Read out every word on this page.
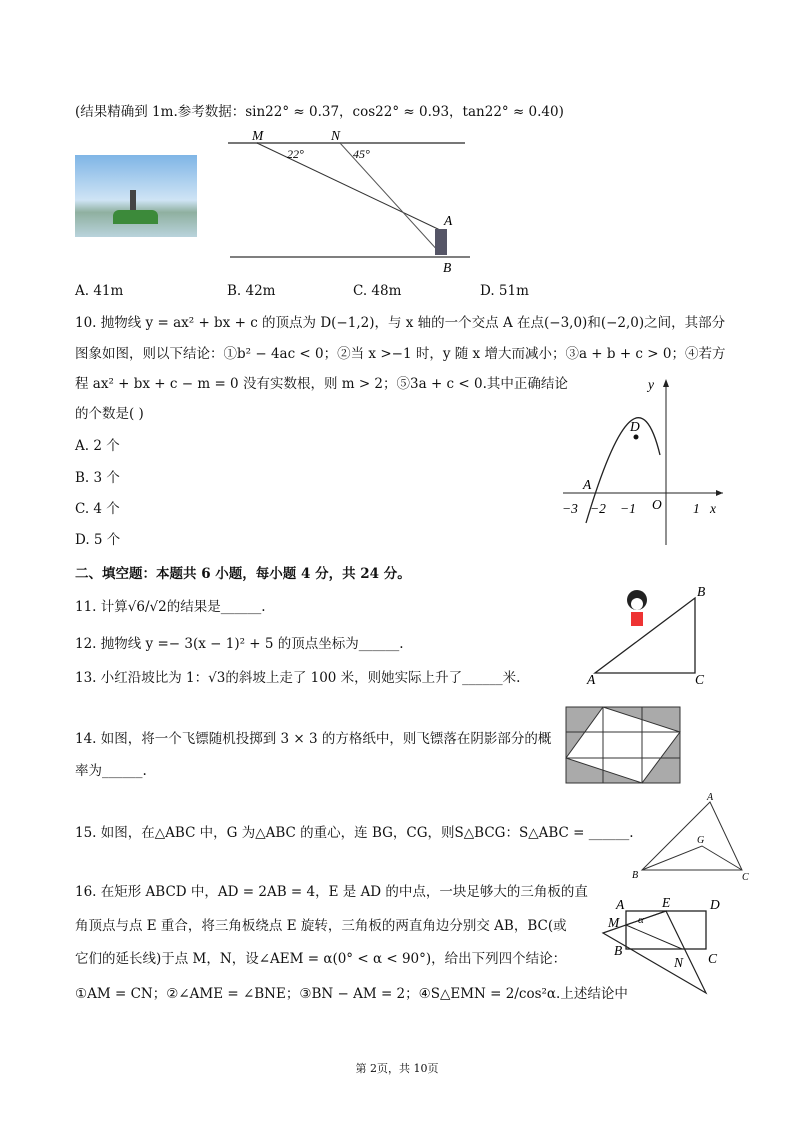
(结果精确到 1m.参考数据：sin22° ≈ 0.37，cos22° ≈ 0.93，tan22° ≈ 0.40)
M	N
22°	45°
A
B
A. 41m	B. 42m	C. 48m	D. 51m
10. 抛物线 y = ax² + bx + c 的顶点为 D(−1,2)，与 x 轴的一个交点 A 在点(−3,0)和(−2,0)之间，其部分
图象如图，则以下结论：①b² − 4ac < 0；②当 x >−1 时，y 随 x 增大而减小；③a + b + c > 0；④若方
程 ax² + bx + c − m = 0 没有实数根，则 m > 2；⑤3a + c < 0.其中正确结论
的个数是( )
A. 2 个
B. 3 个
C. 4 个
D. 5 个
y
D
A
O	x
−3 −2 −1	1
二、填空题：本题共 6 小题，每小题 4 分，共 24 分。
11. 计算√6/√2的结果是______.
12. 抛物线 y =− 3(x − 1)² + 5 的顶点坐标为______.
13. 小红沿坡比为 1：√3的斜坡上走了 100 米，则她实际上升了______米.
B
A	C
14. 如图，将一个飞镖随机投掷到 3 × 3 的方格纸中，则飞镖落在阴影部分的概
率为______.
15. 如图，在△ABC 中，G 为△ABC 的重心，连 BG，CG，则S△BCG：S△ABC = ______.
A
B	C
G
16. 在矩形 ABCD 中，AD = 2AB = 4，E 是 AD 的中点，一块足够大的三角板的直
角顶点与点 E 重合，将三角板绕点 E 旋转，三角板的两直角边分别交 AB，BC(或
它们的延长线)于点 M，N，设∠AEM = α(0° < α < 90°)，给出下列四个结论：
①AM = CN；②∠AME = ∠BNE；③BN − AM = 2；④S△EMN = 2/cos²α.上述结论中
A	E	D
M
B
N C
α
第 2页，共 10页
